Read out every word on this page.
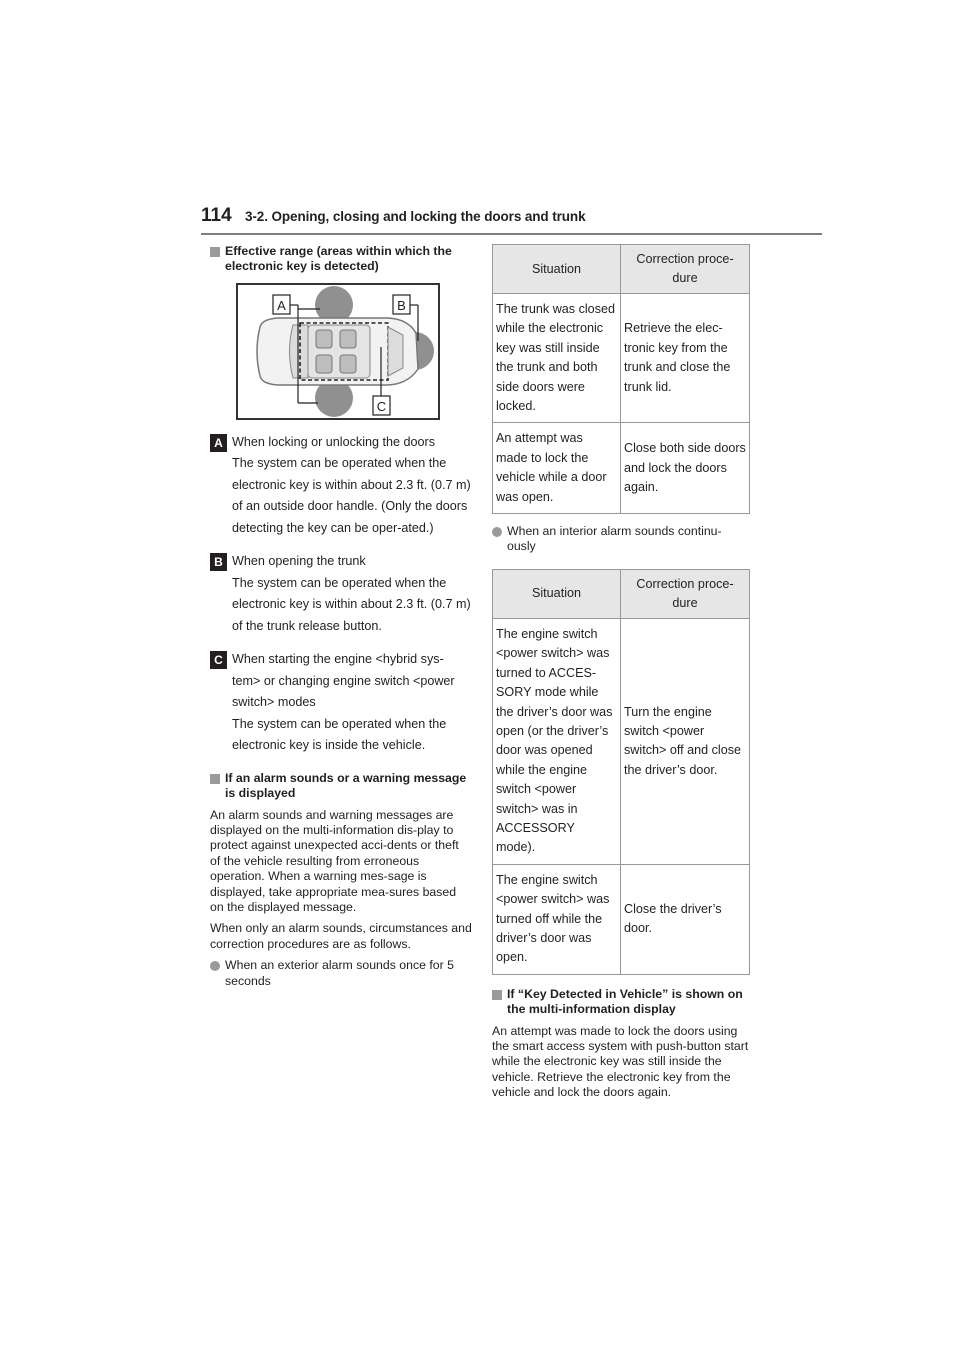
114 3-2. Opening, closing and locking the doors and trunk
Effective range (areas within which the electronic key is detected)
A	B
C
A When locking or unlocking the doors

The system can be operated when the electronic key is within about 2.3 ft. (0.7 m) of an outside door handle. (Only the doors detecting the key can be oper-ated.)

B When opening the trunk

The system can be operated when the electronic key is within about 2.3 ft. (0.7 m) of the trunk release button.

C When starting the engine <hybrid sys-tem> or changing engine switch <power switch> modes

The system can be operated when the electronic key is inside the vehicle.

If an alarm sounds or a warning message is displayed

An alarm sounds and warning messages are displayed on the multi-information dis-play to protect against unexpected acci-dents or theft of the vehicle resulting from erroneous operation. When a warning mes-sage is displayed, take appropriate mea-sures based on the displayed message.

When only an alarm sounds, circumstances and correction procedures are as follows.

When an exterior alarm sounds once for 5 seconds
Situation	Correction proce-dure
The trunk was closed while the electronic key was still inside the trunk and both side doors were locked.	Retrieve the elec-tronic key from the trunk and close the trunk lid.
An attempt was made to lock the vehicle while a door was open.	Close both side doors and lock the doors again.
When an interior alarm sounds continu-ously
Situation	Correction proce-dure
The engine switch <power switch> was turned to ACCES-SORY mode while the driver’s door was open (or the driver’s door was opened while the engine switch <power switch> was in ACCESSORY mode).	Turn the engine switch <power switch> off and close the driver’s door.
The engine switch <power switch> was turned off while the driver’s door was open.	Close the driver’s door.
If “Key Detected in Vehicle” is shown on the multi-information display

An attempt was made to lock the doors using the smart access system with push-button start while the electronic key was still inside the vehicle. Retrieve the electronic key from the vehicle and lock the doors again.
